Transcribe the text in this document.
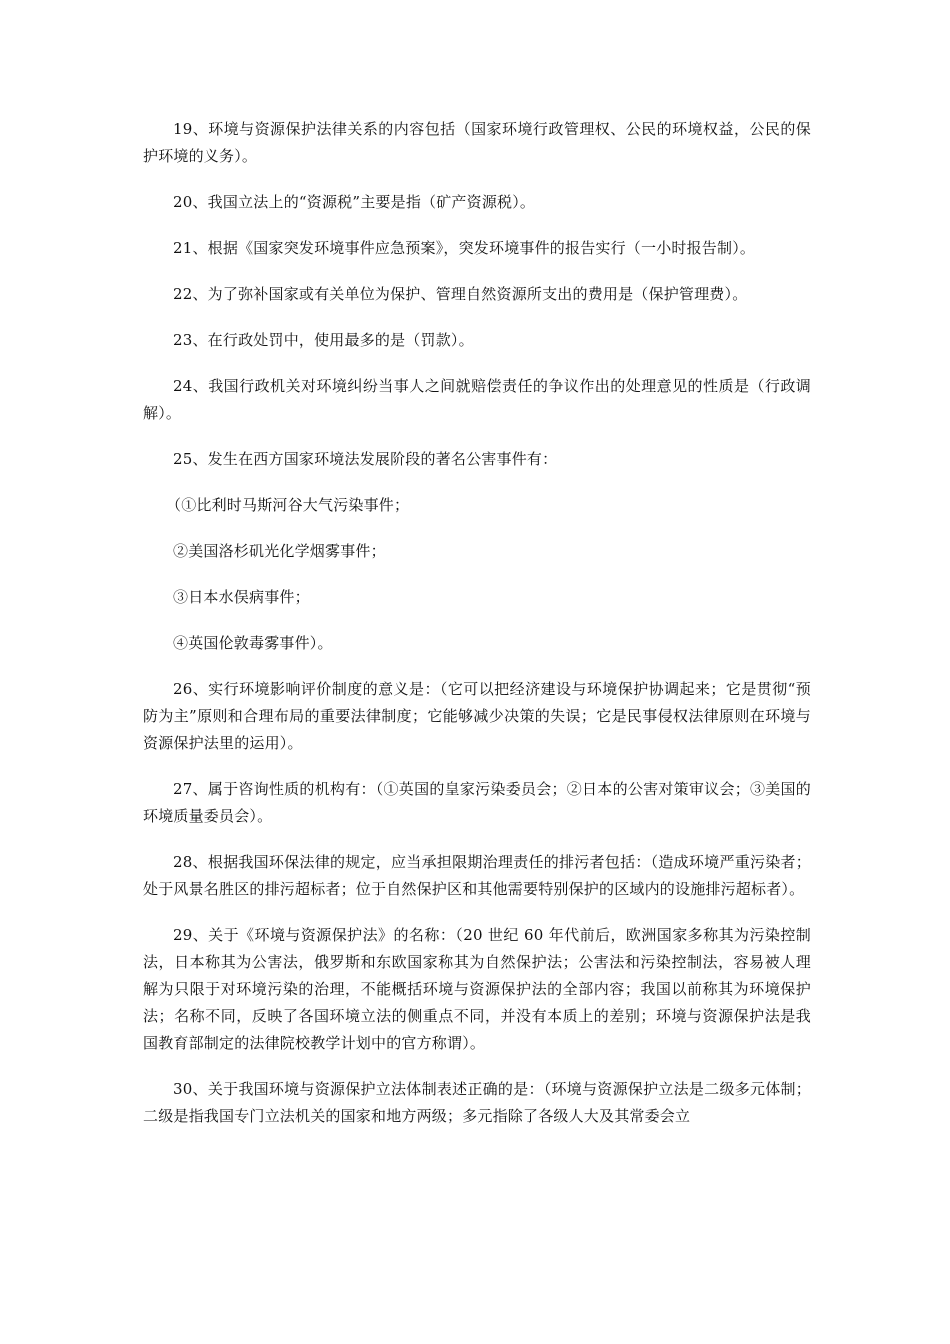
19、环境与资源保护法律关系的内容包括（国家环境行政管理权、公民的环境权益，公民的保护环境的义务）。

20、我国立法上的“资源税”主要是指（矿产资源税）。

21、根据《国家突发环境事件应急预案》，突发环境事件的报告实行（一小时报告制）。

22、为了弥补国家或有关单位为保护、管理自然资源所支出的费用是（保护管理费）。

23、在行政处罚中，使用最多的是（罚款）。

24、我国行政机关对环境纠纷当事人之间就赔偿责任的争议作出的处理意见的性质是（行政调解）。

25、发生在西方国家环境法发展阶段的著名公害事件有：

（①比利时马斯河谷大气污染事件；

②美国洛杉矶光化学烟雾事件；

③日本水俣病事件；

④英国伦敦毒雾事件）。

26、实行环境影响评价制度的意义是：（它可以把经济建设与环境保护协调起来；它是贯彻“预防为主”原则和合理布局的重要法律制度；它能够减少决策的失误；它是民事侵权法律原则在环境与资源保护法里的运用）。

27、属于咨询性质的机构有：（①英国的皇家污染委员会；②日本的公害对策审议会；③美国的环境质量委员会）。

28、根据我国环保法律的规定，应当承担限期治理责任的排污者包括：（造成环境严重污染者；处于风景名胜区的排污超标者；位于自然保护区和其他需要特别保护的区域内的设施排污超标者）。

29、关于《环境与资源保护法》的名称：（20 世纪 60 年代前后，欧洲国家多称其为污染控制法，日本称其为公害法，俄罗斯和东欧国家称其为自然保护法；公害法和污染控制法，容易被人理解为只限于对环境污染的治理，不能概括环境与资源保护法的全部内容；我国以前称其为环境保护法；名称不同，反映了各国环境立法的侧重点不同，并没有本质上的差别；环境与资源保护法是我国教育部制定的法律院校教学计划中的官方称谓）。

30、关于我国环境与资源保护立法体制表述正确的是：（环境与资源保护立法是二级多元体制；二级是指我国专门立法机关的国家和地方两级；多元指除了各级人大及其常委会立
